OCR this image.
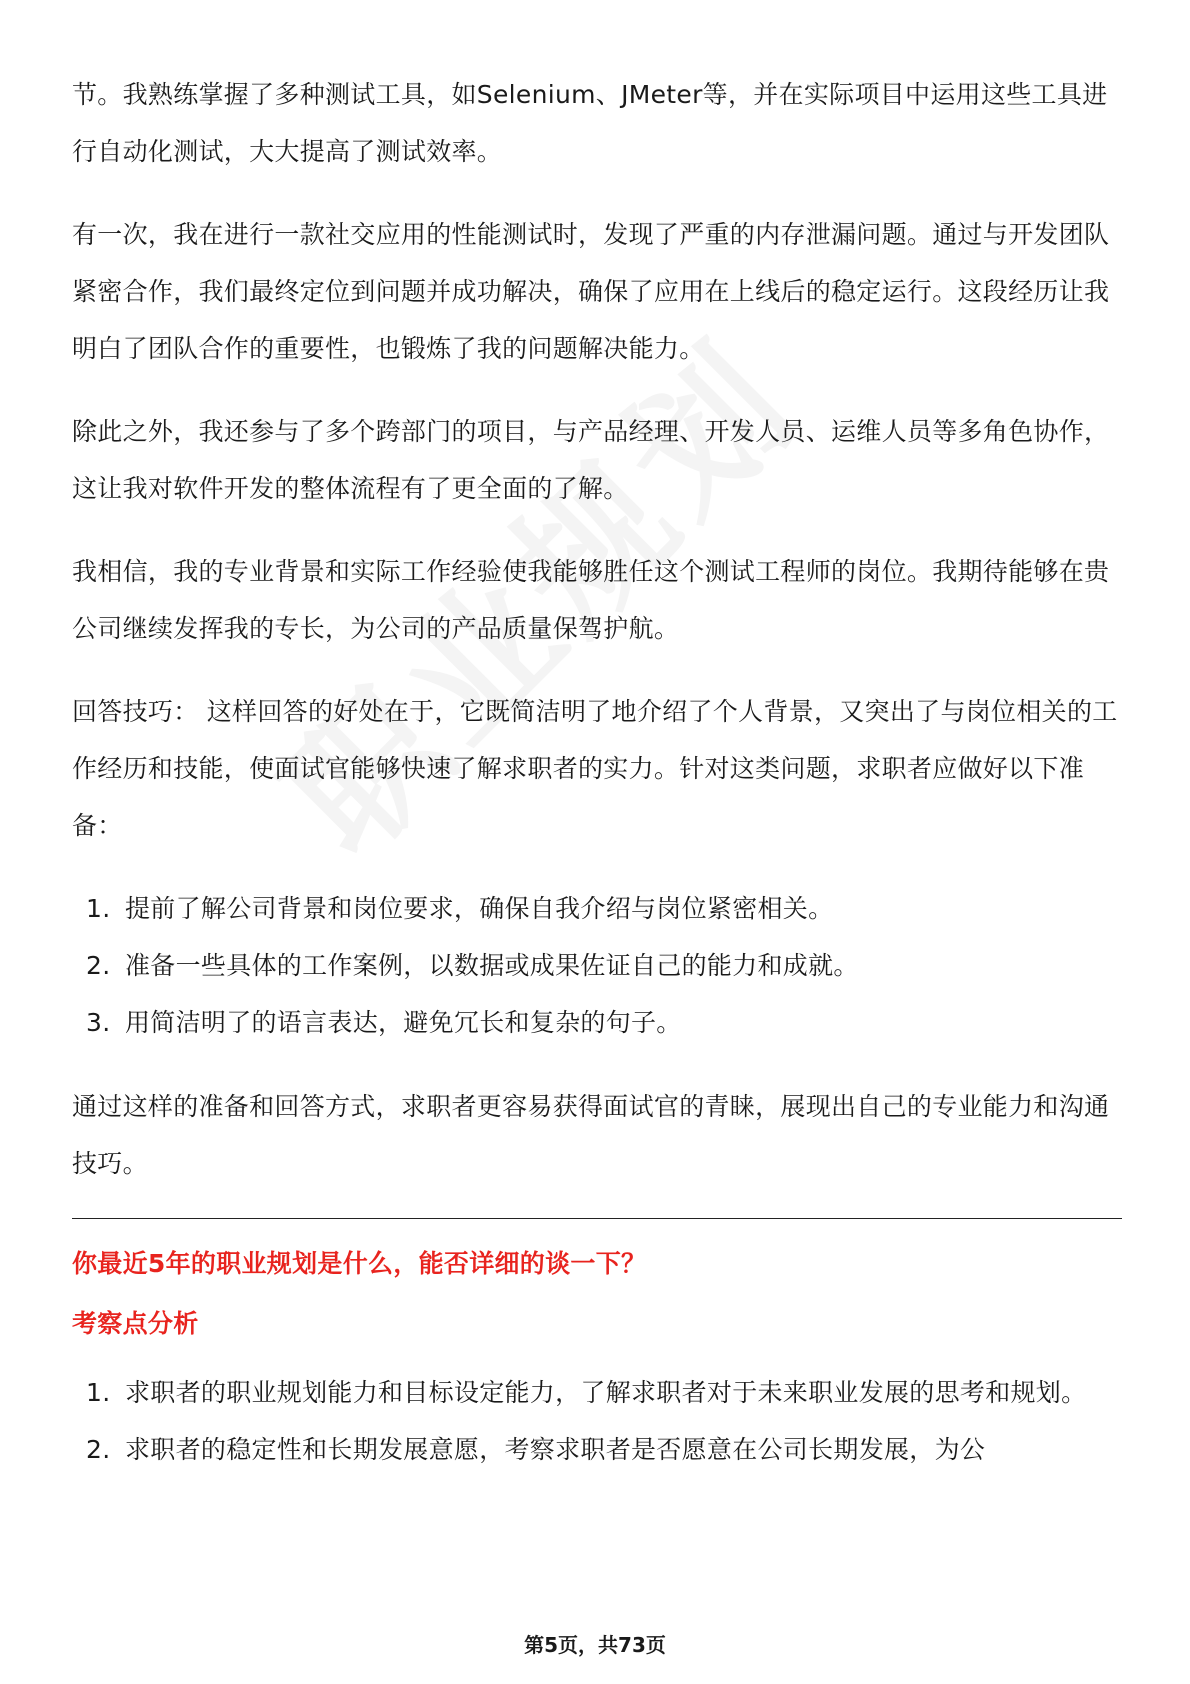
节。我熟练掌握了多种测试工具，如Selenium、JMeter等，并在实际项目中运用这些工具进行自动化测试，大大提高了测试效率。

有一次，我在进行一款社交应用的性能测试时，发现了严重的内存泄漏问题。通过与开发团队紧密合作，我们最终定位到问题并成功解决，确保了应用在上线后的稳定运行。这段经历让我明白了团队合作的重要性，也锻炼了我的问题解决能力。

除此之外，我还参与了多个跨部门的项目，与产品经理、开发人员、运维人员等多角色协作，这让我对软件开发的整体流程有了更全面的了解。

我相信，我的专业背景和实际工作经验使我能够胜任这个测试工程师的岗位。我期待能够在贵公司继续发挥我的专长，为公司的产品质量保驾护航。

回答技巧： 这样回答的好处在于，它既简洁明了地介绍了个人背景，又突出了与岗位相关的工作经历和技能，使面试官能够快速了解求职者的实力。针对这类问题，求职者应做好以下准备：

1. 提前了解公司背景和岗位要求，确保自我介绍与岗位紧密相关。
2. 准备一些具体的工作案例，以数据或成果佐证自己的能力和成就。
3. 用简洁明了的语言表达，避免冗长和复杂的句子。

通过这样的准备和回答方式，求职者更容易获得面试官的青睐，展现出自己的专业能力和沟通技巧。

你最近5年的职业规划是什么，能否详细的谈一下？
考察点分析
1. 求职者的职业规划能力和目标设定能力，了解求职者对于未来职业发展的思考和规划。
2. 求职者的稳定性和长期发展意愿，考察求职者是否愿意在公司长期发展，为公
第5页，共73页
